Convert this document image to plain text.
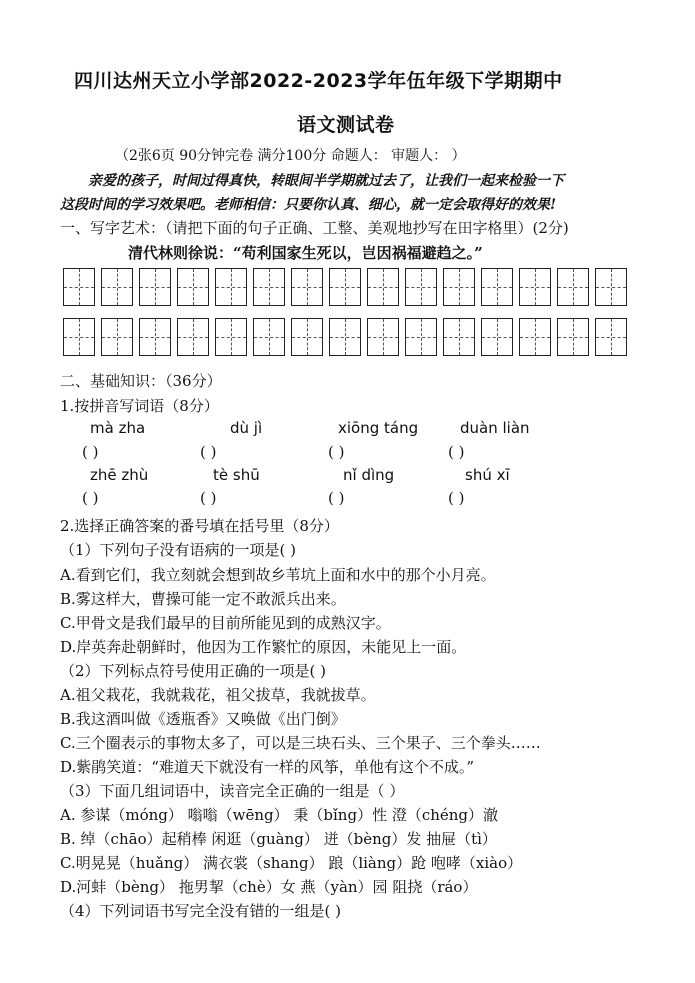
四川达州天立小学部2022-2023学年伍年级下学期期中
语文测试卷
（2张6页 90分钟完卷 满分100分 命题人： 审题人： ）
亲爱的孩子，时间过得真快，转眼间半学期就过去了，让我们一起来检验一下
这段时间的学习效果吧。老师相信：只要你认真、细心，就一定会取得好的效果!
一、写字艺术：（请把下面的句子正确、工整、美观地抄写在田字格里）(2分)
清代林则徐说：“苟利国家生死以，岂因祸福避趋之。”
二、基础知识：（36分）
1.按拼音写词语（8分）
mà zha	dù jì	xiōng táng	duàn liàn
( )	( )	( )	( )
zhē zhù	tè shū	nǐ dìng	shú xī
( )	( )	( )	( )
2.选择正确答案的番号填在括号里（8分）
（1）下列句子没有语病的一项是( )
A.看到它们，我立刻就会想到故乡苇坑上面和水中的那个小月亮。
B.雾这样大，曹操可能一定不敢派兵出来。
C.甲骨文是我们最早的目前所能见到的成熟汉字。
D.岸英奔赴朝鲜时，他因为工作繁忙的原因，未能见上一面。
（2）下列标点符号使用正确的一项是( )
A.祖父栽花，我就栽花，祖父拔草，我就拔草。
B.我这酒叫做《透瓶香》又唤做《出门倒》
C.三个圈表示的事物太多了，可以是三块石头、三个果子、三个拳头……
D.紫鹃笑道：“难道天下就没有一样的风筝，单他有这个不成。”
（3）下面几组词语中，读音完全正确的一组是（ ）
A. 参谋（móng） 嗡嗡（wēng） 秉（bǐng）性 澄（chéng）澈
B. 绰（chāo）起稍棒 闲逛（guàng） 迸（bèng）发 抽屉（tì）
C.明晃晃（huǎng） 满衣裳（shang） 踉（liàng）跄 咆哮（xiào）
D.河蚌（bèng） 拖男挈（chè）女 燕（yàn）园 阻挠（ráo）
（4）下列词语书写完全没有错的一组是( )
